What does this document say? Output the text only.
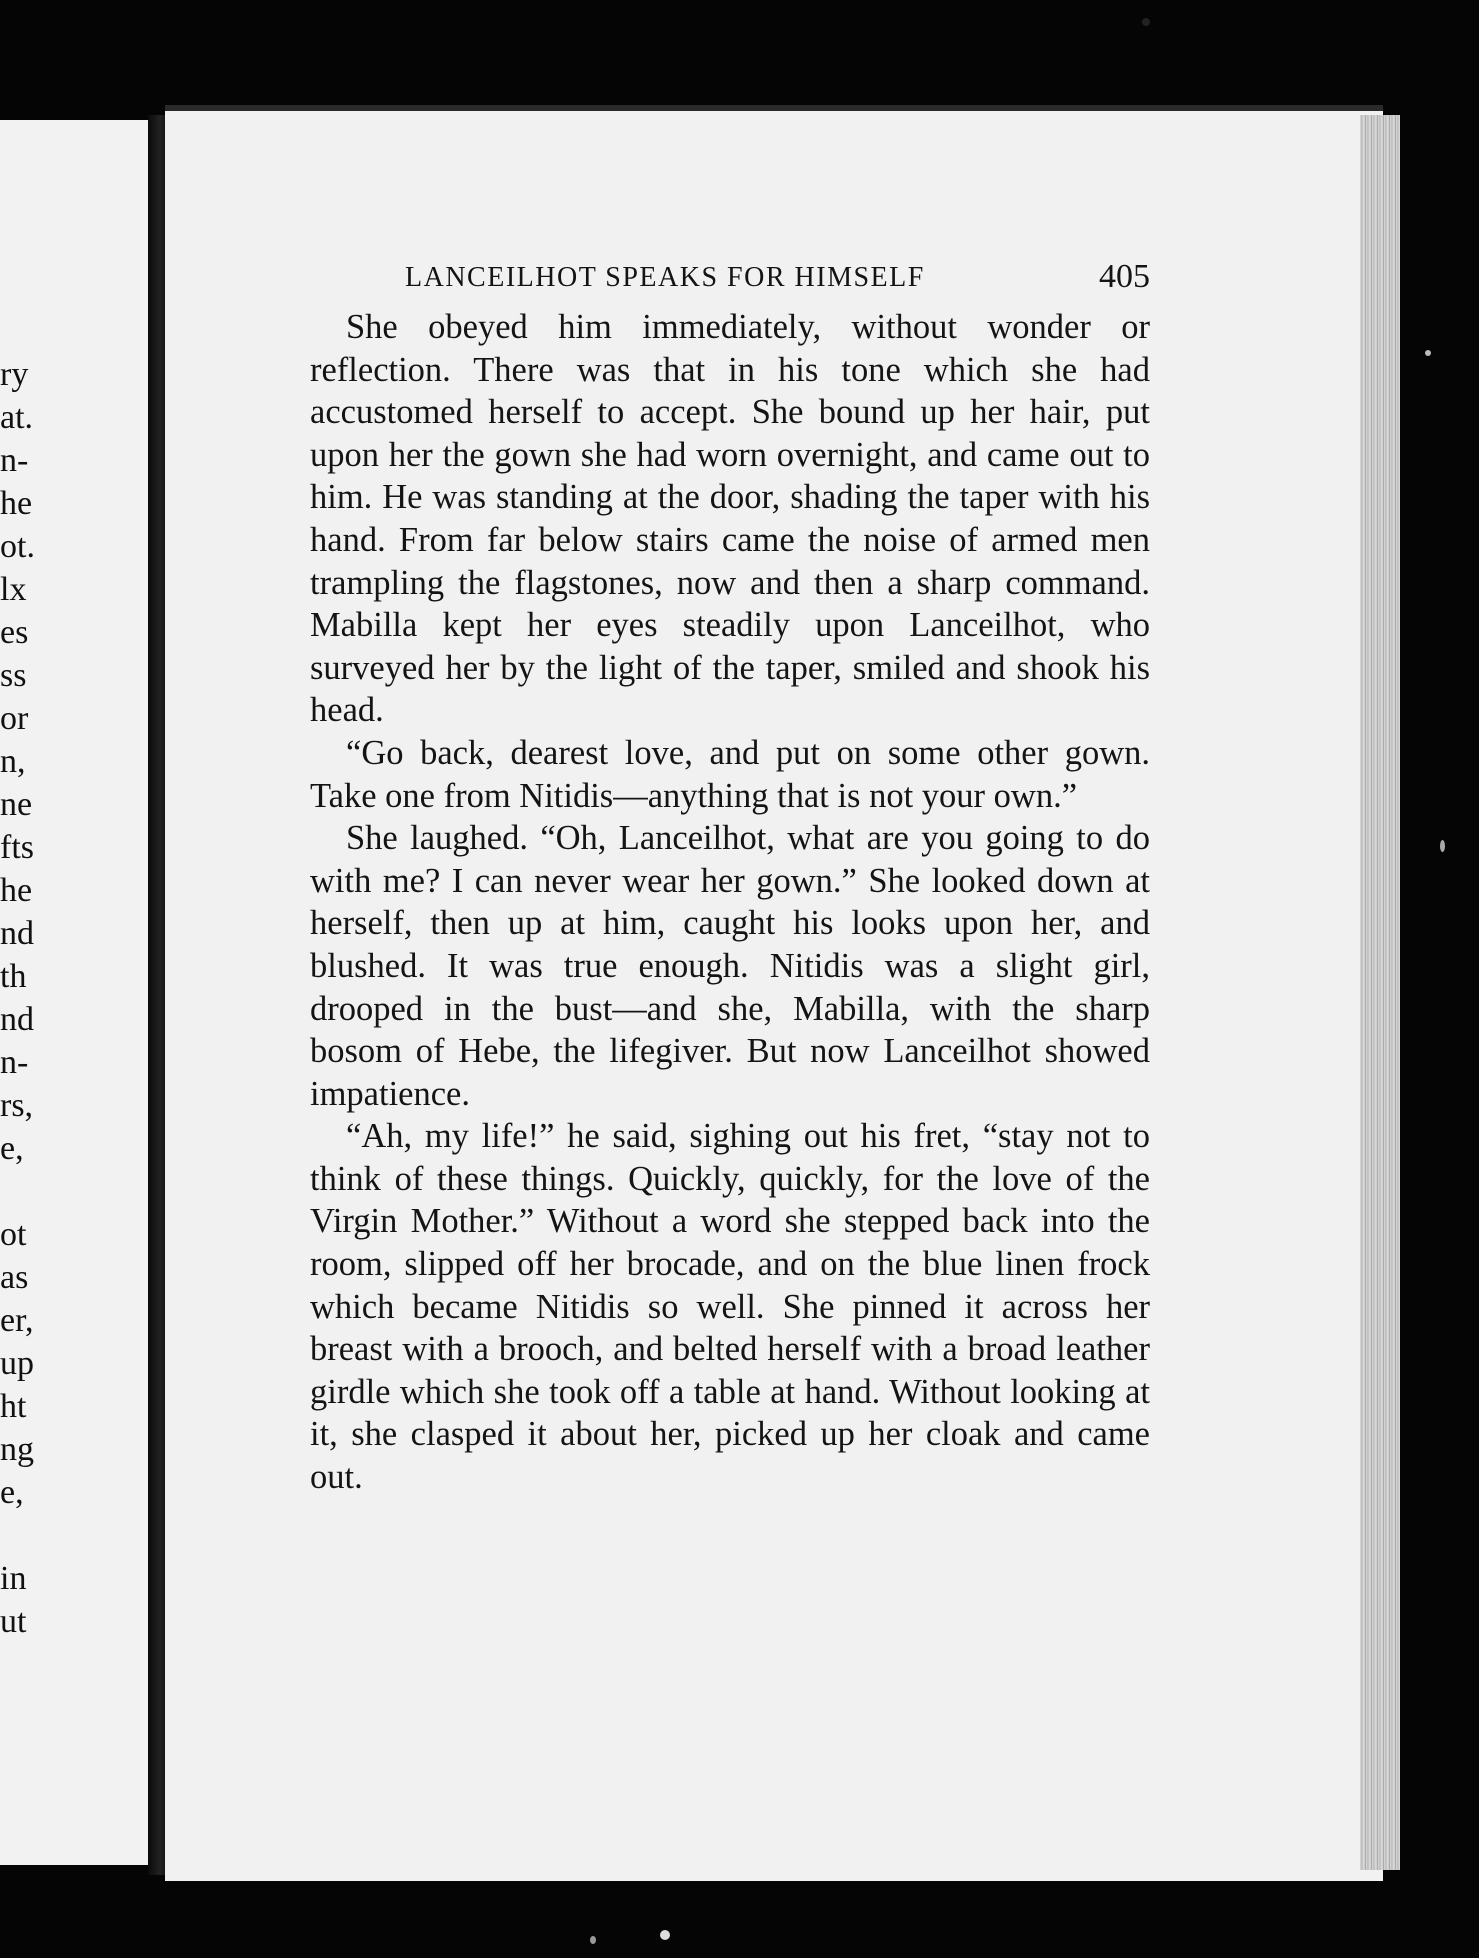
ry
at.
n-
he
ot.
lx
es
ss
or
n,
ne
fts
he
nd
th
nd
n-
rs,
e,
ot
as
er,
up
ht
ng
e,
in
ut
LANCEILHOT SPEAKS FOR HIMSELF	405

She obeyed him immediately, without wonder or reflection. There was that in his tone which she had accustomed herself to accept. She bound up her hair, put upon her the gown she had worn overnight, and came out to him. He was standing at the door, shading the taper with his hand. From far below stairs came the noise of armed men trampling the flagstones, now and then a sharp command. Mabilla kept her eyes steadily upon Lanceilhot, who surveyed her by the light of the taper, smiled and shook his head.

“Go back, dearest love, and put on some other gown. Take one from Nitidis—anything that is not your own.”

She laughed. “Oh, Lanceilhot, what are you going to do with me? I can never wear her gown.” She looked down at herself, then up at him, caught his looks upon her, and blushed. It was true enough. Nitidis was a slight girl, drooped in the bust—and she, Mabilla, with the sharp bosom of Hebe, the lifegiver. But now Lanceilhot showed impatience.

“Ah, my life!” he said, sighing out his fret, “stay not to think of these things. Quickly, quickly, for the love of the Virgin Mother.” Without a word she stepped back into the room, slipped off her brocade, and on the blue linen frock which became Nitidis so well. She pinned it across her breast with a brooch, and belted herself with a broad leather girdle which she took off a table at hand. Without looking at it, she clasped it about her, picked up her cloak and came out.
